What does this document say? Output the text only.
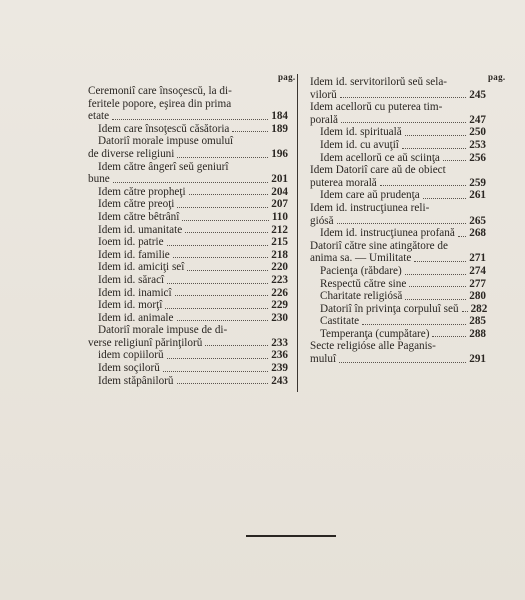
pag.	pag.
Ceremoniî care însoçescŭ, la di-
feritele popore, eşirea din prima
etate	184
Idem care însoţescŭ căsătoria	189
Datoriî morale impuse omuluî
de diverse religiuni	196
Idem către ângerî seŭ geniurî
bune	201
Idem către propheţi	204
Idem către preoţi	207
Idem către bêtrânî	110
Idem id. umanitate	212
Ioem id. patrie	215
Idem id. familie	218
Idem id. amiciţi seî	220
Idem id. săracî	223
Idem id. inamicî	226
Idem id. morţî	229
Idem id. animale	230
Datoriî morale impuse de di-
verse religiunî părinţilorŭ	233
idem copiilorŭ	236
Idem soçilorŭ	239
Idem stăpânilorŭ	243
Idem id. servitorilorŭ seŭ sela-
vilorŭ	245
Idem acellorŭ cu puterea tim-
porală	247
Idem id. spirituală	250
Idem id. cu avuţiî	253
Idem acellorŭ ce aŭ sciinţa	256
Idem Datoriî care aŭ de obiect
puterea morală	259
Idem care aŭ prudenţa	261
Idem id. instrucţiunea reli-
giósă	265
Idem id. instrucţiunea profană 268
Datoriî către sine atingătore de
anima sa. — Umilitate	271
Pacienţa (răbdare)	274
Respectŭ către sine	277
Charitate religiósă	280
Datoriî în privinţa corpuluî seŭ 282
Castitate	285
Temperanţa (cumpătare)	288
Secte religióse alle Paganis-
muluî	291
